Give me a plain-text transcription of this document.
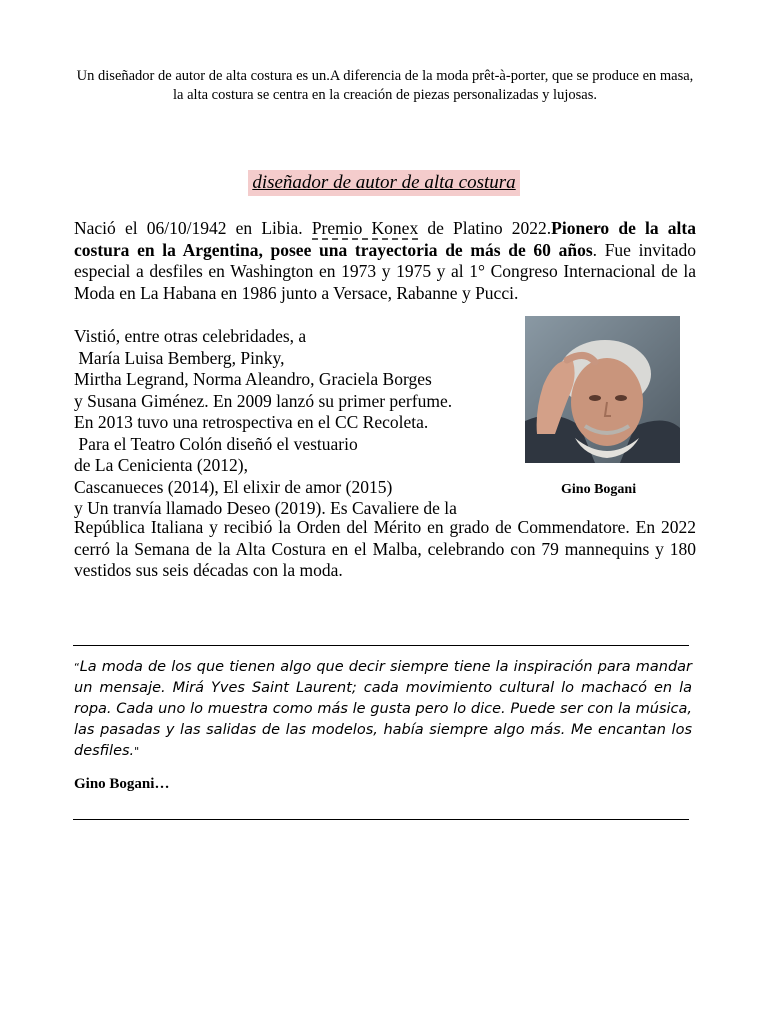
Un diseñador de autor de alta costura es un.A diferencia de la moda prêt-à-porter, que se produce en masa, la alta costura se centra en la creación de piezas personalizadas y lujosas.
diseñador de autor de alta costura

Nació el 06/10/1942 en Libia. Premio Konex de Platino 2022.Pionero de la alta costura en la Argentina, posee una trayectoria de más de 60 años. Fue invitado especial a desfiles en Washington en 1973 y 1975 y al 1° Congreso Internacional de la Moda en La Habana en 1986 junto a Versace, Rabanne y Pucci.

Vistió, entre otras celebridades, a
María Luisa Bemberg, Pinky,
Mirtha Legrand, Norma Aleandro, Graciela Borges
y Susana Giménez. En 2009 lanzó su primer perfume.
En 2013 tuvo una retrospectiva en el CC Recoleta.
Para el Teatro Colón diseñó el vestuario
de La Cenicienta (2012),
Cascanueces (2014), El elixir de amor (2015)
y Un tranvía llamado Deseo (2019). Es Cavaliere de la
Gino Bogani

República Italiana y recibió la Orden del Mérito en grado de Commendatore. En 2022 cerró la Semana de la Alta Costura en el Malba, celebrando con 79 mannequins y 180 vestidos sus seis décadas con la moda.

“La moda de los que tienen algo que decir siempre tiene la inspiración para mandar un mensaje. Mirá Yves Saint Laurent; cada movimiento cultural lo machacó en la ropa. Cada uno lo muestra como más le gusta pero lo dice. Puede ser con la música, las pasadas y las salidas de las modelos, había siempre algo más. Me encantan los desfiles."

Gino Bogani…
